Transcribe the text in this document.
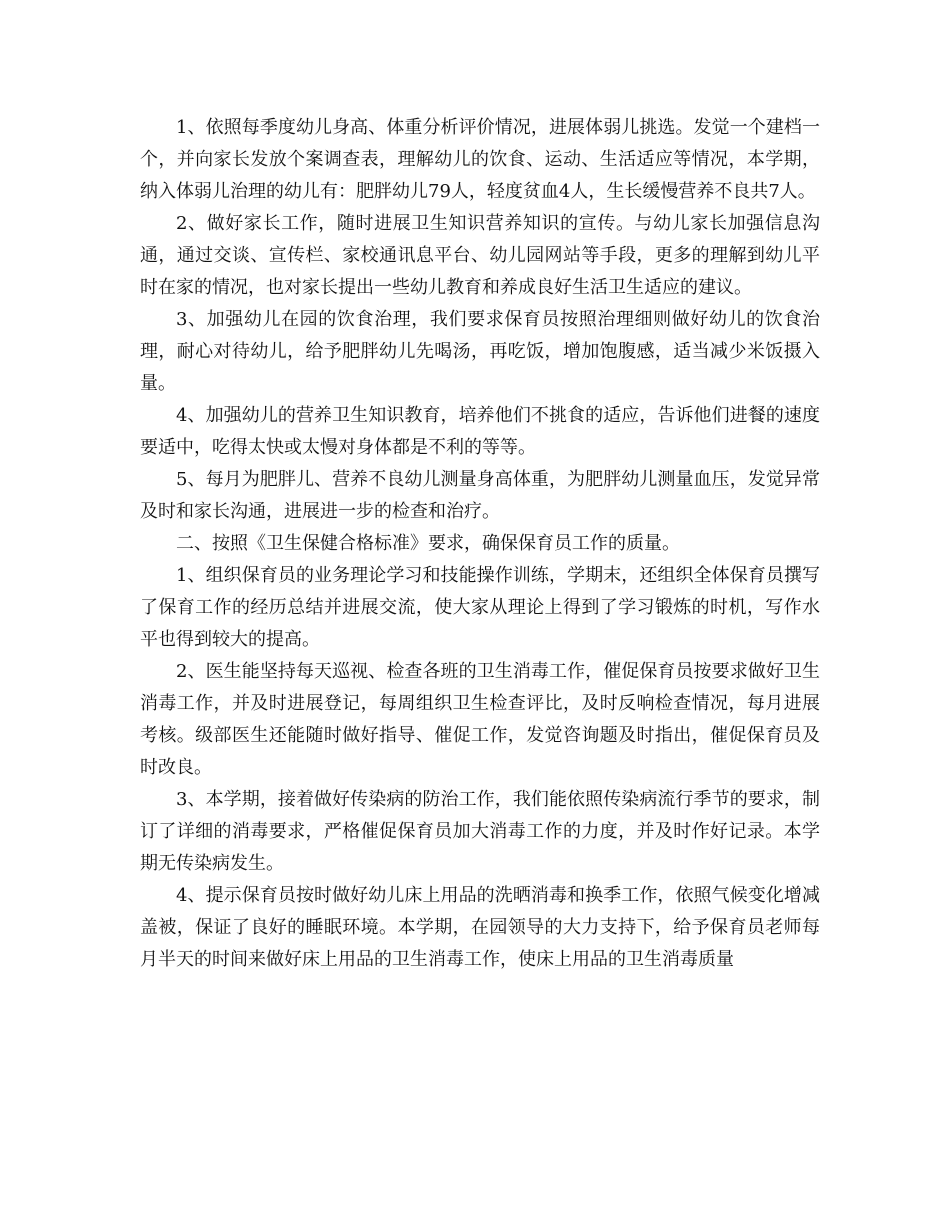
1、依照每季度幼儿身高、体重分析评价情况，进展体弱儿挑选。发觉一个建档一个，并向家长发放个案调查表，理解幼儿的饮食、运动、生活适应等情况，本学期，纳入体弱儿治理的幼儿有：肥胖幼儿79人，轻度贫血4人，生长缓慢营养不良共7人。

2、做好家长工作，随时进展卫生知识营养知识的宣传。与幼儿家长加强信息沟通，通过交谈、宣传栏、家校通讯息平台、幼儿园网站等手段，更多的理解到幼儿平时在家的情况，也对家长提出一些幼儿教育和养成良好生活卫生适应的建议。

3、加强幼儿在园的饮食治理，我们要求保育员按照治理细则做好幼儿的饮食治理，耐心对待幼儿，给予肥胖幼儿先喝汤，再吃饭，增加饱腹感，适当减少米饭摄入量。

4、加强幼儿的营养卫生知识教育，培养他们不挑食的适应，告诉他们进餐的速度要适中，吃得太快或太慢对身体都是不利的等等。

5、每月为肥胖儿、营养不良幼儿测量身高体重，为肥胖幼儿测量血压，发觉异常及时和家长沟通，进展进一步的检查和治疗。

二、按照《卫生保健合格标准》要求，确保保育员工作的质量。

1、组织保育员的业务理论学习和技能操作训练，学期末，还组织全体保育员撰写了保育工作的经历总结并进展交流，使大家从理论上得到了学习锻炼的时机，写作水平也得到较大的提高。

2、医生能坚持每天巡视、检查各班的卫生消毒工作，催促保育员按要求做好卫生消毒工作，并及时进展登记，每周组织卫生检查评比，及时反响检查情况，每月进展考核。级部医生还能随时做好指导、催促工作，发觉咨询题及时指出，催促保育员及时改良。

3、本学期，接着做好传染病的防治工作，我们能依照传染病流行季节的要求，制订了详细的消毒要求，严格催促保育员加大消毒工作的力度，并及时作好记录。本学期无传染病发生。

4、提示保育员按时做好幼儿床上用品的洗晒消毒和换季工作，依照气候变化增减盖被，保证了良好的睡眠环境。本学期，在园领导的大力支持下，给予保育员老师每月半天的时间来做好床上用品的卫生消毒工作，使床上用品的卫生消毒质量
